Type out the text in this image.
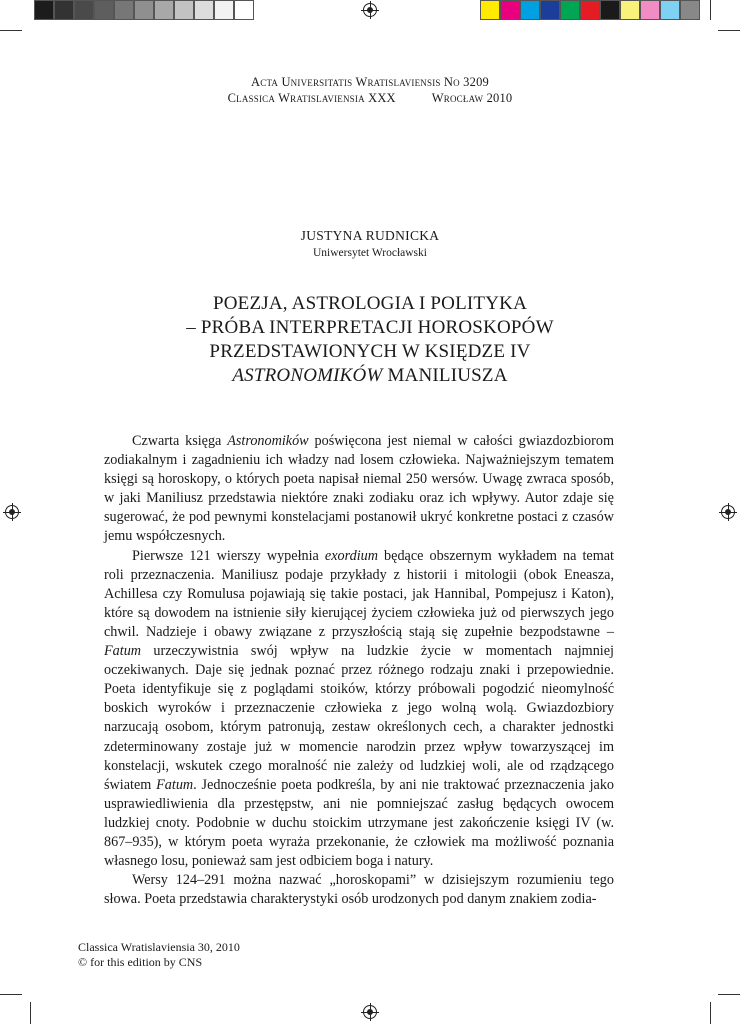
Acta Universitatis Wratislaviensis No 3209
Classica Wratislaviensia XXX	Wrocław 2010
JUSTYNA RUDNICKA
Uniwersytet Wrocławski
POEZJA, ASTROLOGIA I POLITYKA
– PRÓBA INTERPRETACJI HOROSKOPÓW
PRZEDSTAWIONYCH W KSIĘDZE IV
ASTRONOMIKÓW MANILIUSZA

Czwarta księga Astronomików poświęcona jest niemal w całości gwiazdozbiorom zodiakalnym i zagadnieniu ich władzy nad losem człowieka. Najważniejszym tematem księgi są horoskopy, o których poeta napisał niemal 250 wersów. Uwagę zwraca sposób, w jaki Maniliusz przedstawia niektóre znaki zodiaku oraz ich wpływy. Autor zdaje się sugerować, że pod pewnymi konstelacjami postanowił ukryć konkretne postaci z czasów jemu współczesnych.

Pierwsze 121 wierszy wypełnia exordium będące obszernym wykładem na temat roli przeznaczenia. Maniliusz podaje przykłady z historii i mitologii (obok Eneasza, Achillesa czy Romulusa pojawiają się takie postaci, jak Hannibal, Pompejusz i Katon), które są dowodem na istnienie siły kierującej życiem człowieka już od pierwszych jego chwil. Nadzieje i obawy związane z przyszłością stają się zupełnie bezpodstawne – Fatum urzeczywistnia swój wpływ na ludzkie życie w momentach najmniej oczekiwanych. Daje się jednak poznać przez różnego rodzaju znaki i przepowiednie. Poeta identyfikuje się z poglądami stoików, którzy próbowali pogodzić nieomylność boskich wyroków i przeznaczenie człowieka z jego wolną wolą. Gwiazdozbiory narzucają osobom, którym patronują, zestaw określonych cech, a charakter jednostki zdeterminowany zostaje już w momencie narodzin przez wpływ towarzyszącej im konstelacji, wskutek czego moralność nie zależy od ludzkiej woli, ale od rządzącego światem Fatum. Jednocześnie poeta podkreśla, by ani nie traktować przeznaczenia jako usprawiedliwienia dla przestępstw, ani nie pomniejszać zasług będących owocem ludzkiej cnoty. Podobnie w duchu stoickim utrzymane jest zakończenie księgi IV (w. 867–935), w którym poeta wyraża przekonanie, że człowiek ma możliwość poznania własnego losu, ponieważ sam jest odbiciem boga i natury.

Wersy 124–291 można nazwać „horoskopami” w dzisiejszym rozumieniu tego słowa. Poeta przedstawia charakterystyki osób urodzonych pod danym znakiem zodia-

Classica Wratislaviensia 30, 2010
© for this edition by CNS
